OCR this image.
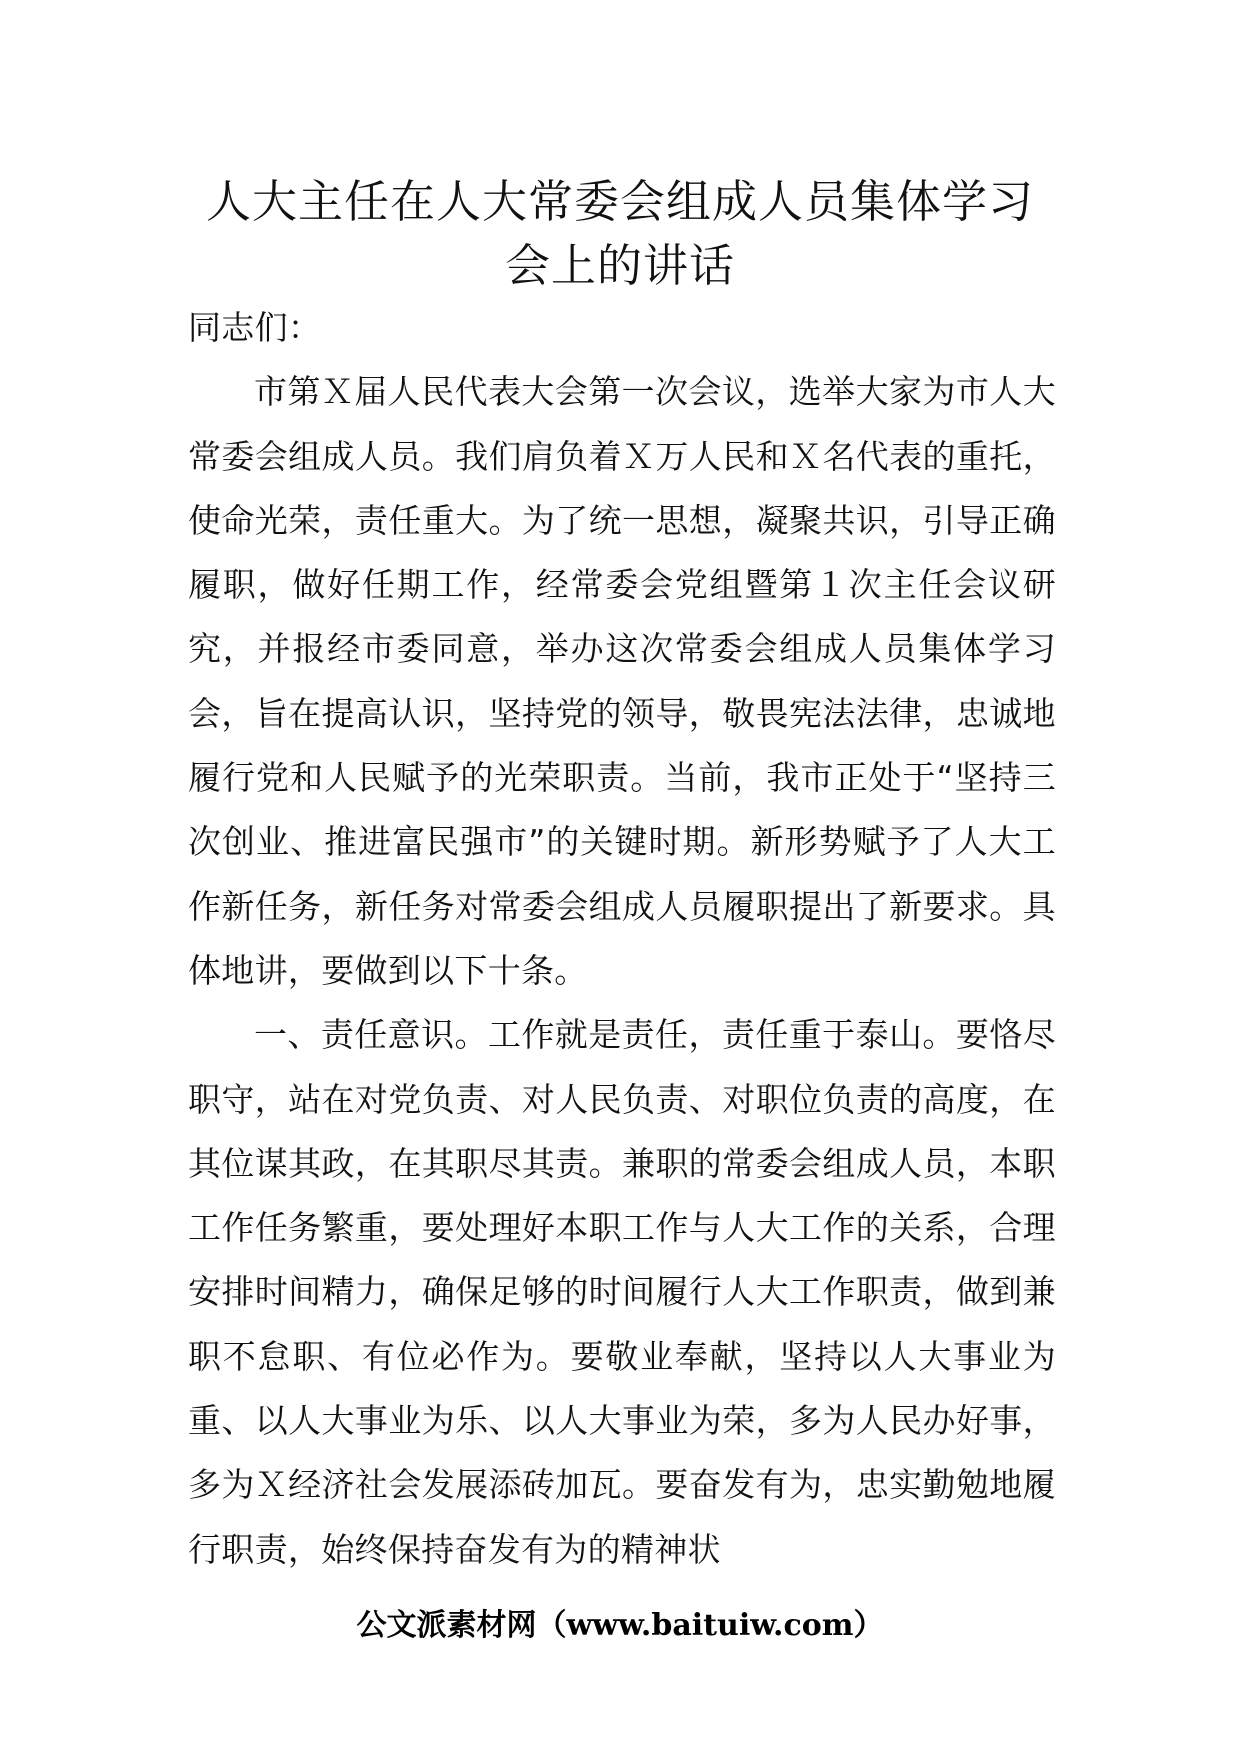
人大主任在人大常委会组成人员集体学习
会上的讲话

同志们：

市第Ｘ届人民代表大会第一次会议，选举大家为市人大常委会组成人员。我们肩负着Ｘ万人民和Ｘ名代表的重托，使命光荣，责任重大。为了统一思想，凝聚共识，引导正确履职，做好任期工作，经常委会党组暨第１次主任会议研究，并报经市委同意，举办这次常委会组成人员集体学习会，旨在提高认识，坚持党的领导，敬畏宪法法律，忠诚地履行党和人民赋予的光荣职责。当前，我市正处于“坚持三次创业、推进富民强市”的关键时期。新形势赋予了人大工作新任务，新任务对常委会组成人员履职提出了新要求。具体地讲，要做到以下十条。

一、责任意识。工作就是责任，责任重于泰山。要恪尽职守，站在对党负责、对人民负责、对职位负责的高度，在其位谋其政，在其职尽其责。兼职的常委会组成人员，本职工作任务繁重，要处理好本职工作与人大工作的关系，合理安排时间精力，确保足够的时间履行人大工作职责，做到兼职不怠职、有位必作为。要敬业奉献，坚持以人大事业为重、以人大事业为乐、以人大事业为荣，多为人民办好事，多为Ｘ经济社会发展添砖加瓦。要奋发有为，忠实勤勉地履行职责，始终保持奋发有为的精神状

公文派素材网（www.baituiw.com）
